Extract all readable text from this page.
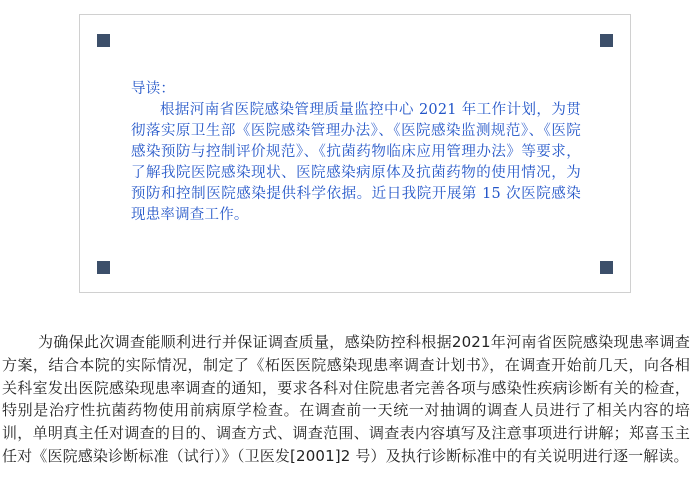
导读：
根据河南省医院感染管理质量监控中心 2021 年工作计划，为贯彻落实原卫生部《医院感染管理办法》、《医院感染监测规范》、《医院感染预防与控制评价规范》、《抗菌药物临床应用管理办法》等要求，了解我院医院感染现状、医院感染病原体及抗菌药物的使用情况，为预防和控制医院感染提供科学依据。近日我院开展第 15 次医院感染现患率调查工作。

为确保此次调查能顺利进行并保证调查质量，感染防控科根据2021年河南省医院感染现患率调查方案，结合本院的实际情况，制定了《柘医医院感染现患率调查计划书》，在调查开始前几天，向各相关科室发出医院感染现患率调查的通知，要求各科对住院患者完善各项与感染性疾病诊断有关的检查，特别是治疗性抗菌药物使用前病原学检查。在调查前一天统一对抽调的调查人员进行了相关内容的培训，单明真主任对调查的目的、调查方式、调查范围、调查表内容填写及注意事项进行讲解；郑喜玉主任对《医院感染诊断标准（试行）》（卫医发[2001]2 号）及执行诊断标准中的有关说明进行逐一解读。
